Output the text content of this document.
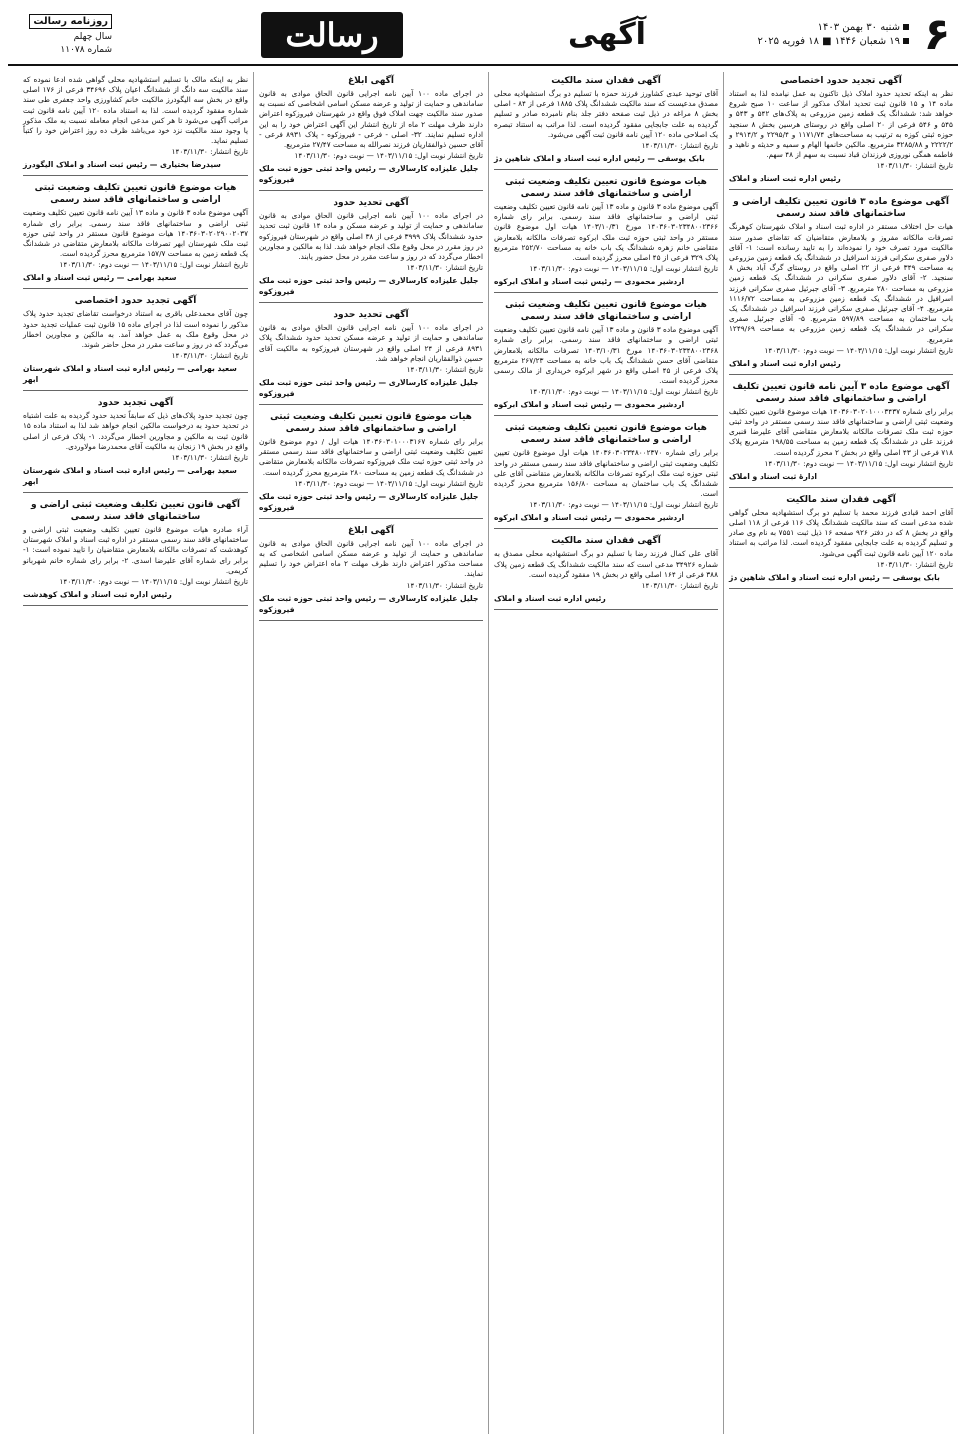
۶
شنبه ۳۰ بهمن ۱۴۰۳
۱۹ شعبان ۱۴۴۶ ■ ۱۸ فوریه ۲۰۲۵
آگهی
رسالت
روزنامه رسالت
سال چهلم
شماره ۱۱۰۷۸
آگهی تجدید حدود اختصاصی

نظر به اینکه تحدید حدود املاک ذیل تاکنون به عمل نیامده لذا به استناد ماده ۱۴ و ۱۵ قانون ثبت تحدید املاک مذکور از ساعت ۱۰ صبح شروع خواهد شد: ششدانگ یک قطعه زمین مزروعی به پلاک‌های ۵۴۲ و ۵۴۳ و ۵۴۵ و ۵۴۶ فرعی از ۲۰ اصلی واقع در روستای هرسین بخش ۸ سنجید حوزه ثبتی کوزه به ترتیب به مساحت‌های ۱۱۷۱/۷۴ و ۲۲۹۵/۴ و ۲۹۱۴/۲ و ۲۲۲۲/۲ و ۳۲۸۵/۸۸ مترمربع. مالکین خانمها الهام و سمیه و حدیثه و ناهید و فاطمه همگی نوروزی فرزندان قباد نسبت به سهم از ۴۸ سهم.

تاریخ انتشار: ۱۴۰۳/۱۱/۳۰
رئیس اداره ثبت اسناد و املاک
آگهی موضوع ماده ۳ قانون تعیین تکلیف اراضی و ساختمانهای فاقد سند رسمی

هیات حل اختلاف مستقر در اداره ثبت اسناد و املاک شهرستان کوهرنگ تصرفات مالکانه مفروز و بلامعارض متقاضیان که تقاضای صدور سند مالکیت مورد تصرف خود را نموده‌اند را به تایید رسانده است: ۱- آقای دلاور صفری سکرانی فرزند اسرافیل در ششدانگ یک قطعه زمین مزروعی به مساحت ۳۴۹ فرعی از ۲۲ اصلی واقع در روستای گرگ آباد بخش ۸ سنجید. ۲- آقای دلاور صفری سکرانی در ششدانگ یک قطعه زمین مزروعی به مساحت ۲۸۰ مترمربع. ۳- آقای جبرئیل صفری سکرانی فرزند اسرافیل در ششدانگ یک قطعه زمین مزروعی به مساحت ۱۱۱۶/۷۲ مترمربع. ۴- آقای جبرئیل صفری سکرانی فرزند اسرافیل در ششدانگ یک باب ساختمان به مساحت ۵۹۷/۸۹ مترمربع. ۵- آقای جبرئیل صفری سکرانی در ششدانگ یک قطعه زمین مزروعی به مساحت ۱۲۴۹/۶۹ مترمربع.

تاریخ انتشار نوبت اول: ۱۴۰۳/۱۱/۱۵ — نوبت دوم: ۱۴۰۳/۱۱/۳۰
رئیس اداره ثبت اسناد و املاک
آگهی موضوع ماده ۳ آیین نامه قانون تعیین تکلیف اراضی و ساختمانهای فاقد سند رسمی

برابر رای شماره ۱۴۰۳۶۰۳۰۲۰۱۰۰۰۳۴۳۷ هیات موضوع قانون تعیین تکلیف وضعیت ثبتی اراضی و ساختمانهای فاقد سند رسمی مستقر در واحد ثبتی حوزه ثبت ملک تصرفات مالکانه بلامعارض متقاضی آقای علیرضا قنبری فرزند علی در ششدانگ یک قطعه زمین به مساحت ۱۹۸/۵۵ مترمربع پلاک ۷۱۸ فرعی از ۴۳ اصلی واقع در بخش ۲ محرز گردیده است.

تاریخ انتشار نوبت اول: ۱۴۰۳/۱۱/۱۵ — نوبت دوم: ۱۴۰۳/۱۱/۳۰
ادارۀ ثبت اسناد و املاک
آگهی فقدان سند مالکیت

آقای احمد قبادی فرزند محمد با تسلیم دو برگ استشهادیه محلی گواهی شده مدعی است که سند مالکیت ششدانگ پلاک ۱۱۶ فرعی از ۱۱۸ اصلی واقع در بخش ۸ که در دفتر ۹۲۶ صفحه ۱۶ ذیل ثبت ۷۵۵۱ به نام وی صادر و تسلیم گردیده به علت جابجایی مفقود گردیده است. لذا مراتب به استناد ماده ۱۲۰ آیین نامه قانون ثبت آگهی می‌شود.

تاریخ انتشار: ۱۴۰۳/۱۱/۳۰
بابک یوسفی — رئیس اداره ثبت اسناد و املاک شاهین دژ
آگهی فقدان سند مالکیت

آقای توحید عبدی کشاورز فرزند حمزه با تسلیم دو برگ استشهادیه محلی مصدق مدعیست که سند مالکیت ششدانگ پلاک ۱۸۸۵ فرعی از ۸۴ - اصلی بخش ۸ مراغه در ذیل ثبت صفحه دفتر جلد بنام نامبرده صادر و تسلیم گردیده به علت جابجایی مفقود گردیده است. لذا مراتب به استناد تبصره یک اصلاحی ماده ۱۲۰ آیین نامه قانون ثبت آگهی می‌شود.

تاریخ انتشار: ۱۴۰۳/۱۱/۳۰
بابک یوسفی — رئیس اداره ثبت اسناد و املاک شاهین دژ
هیات موضوع قانون تعیین تکلیف وضعیت ثبتی اراضی و ساختمانهای فاقد سند رسمی

آگهی موضوع ماده ۳ قانون و ماده ۱۳ آیین نامه قانون تعیین تکلیف وضعیت ثبتی اراضی و ساختمانهای فاقد سند رسمی. برابر رای شماره ۱۴۰۳۶۰۳۰۲۳۴۸۰۰۲۳۶۶ مورخ ۱۴۰۳/۱۰/۳۱ هیات اول موضوع قانون مستقر در واحد ثبتی حوزه ثبت ملک ابرکوه تصرفات مالکانه بلامعارض متقاضی خانم زهره ششدانگ یک باب خانه به مساحت ۲۵۲/۷۰ مترمربع پلاک ۳۲۹ فرعی از ۴۵ اصلی محرز گردیده است.

تاریخ انتشار نوبت اول: ۱۴۰۳/۱۱/۱۵ — نوبت دوم: ۱۴۰۳/۱۱/۳۰
اردشیر محمودی — رئیس ثبت اسناد و املاک ابرکوه
هیات موضوع قانون تعیین تکلیف وضعیت ثبتی اراضی و ساختمانهای فاقد سند رسمی

آگهی موضوع ماده ۳ قانون و ماده ۱۳ آیین نامه قانون تعیین تکلیف وضعیت ثبتی اراضی و ساختمانهای فاقد سند رسمی. برابر رای شماره ۱۴۰۳۶۰۳۰۲۳۴۸۰۰۲۳۶۸ مورخ ۱۴۰۳/۱۰/۳۱ تصرفات مالکانه بلامعارض متقاضی آقای حسن ششدانگ یک باب خانه به مساحت ۲۶۷/۲۳ مترمربع پلاک فرعی از ۴۵ اصلی واقع در شهر ابرکوه خریداری از مالک رسمی محرز گردیده است.

تاریخ انتشار نوبت اول: ۱۴۰۳/۱۱/۱۵ — نوبت دوم: ۱۴۰۳/۱۱/۳۰
اردشیر محمودی — رئیس ثبت اسناد و املاک ابرکوه
هیات موضوع قانون تعیین تکلیف وضعیت ثبتی اراضی و ساختمانهای فاقد سند رسمی

برابر رای شماره ۱۴۰۳۶۰۳۰۲۳۴۸۰۰۲۳۷۰ هیات اول موضوع قانون تعیین تکلیف وضعیت ثبتی اراضی و ساختمانهای فاقد سند رسمی مستقر در واحد ثبتی حوزه ثبت ملک ابرکوه تصرفات مالکانه بلامعارض متقاضی آقای علی ششدانگ یک باب ساختمان به مساحت ۱۵۶/۸۰ مترمربع محرز گردیده است.

تاریخ انتشار نوبت اول: ۱۴۰۳/۱۱/۱۵ — نوبت دوم: ۱۴۰۳/۱۱/۳۰
اردشیر محمودی — رئیس ثبت اسناد و املاک ابرکوه
آگهی فقدان سند مالکیت

آقای علی کمال فرزند رضا با تسلیم دو برگ استشهادیه محلی مصدق به شماره ۳۴۹۲۶ مدعی است که سند مالکیت ششدانگ یک قطعه زمین پلاک ۳۸۸ فرعی از ۱۶۴ اصلی واقع در بخش ۱۹ مفقود گردیده است.

تاریخ انتشار: ۱۴۰۳/۱۱/۳۰
رئیس اداره ثبت اسناد و املاک
آگهی ابلاغ

در اجرای ماده ۱۰۰ آیین نامه اجرایی قانون الحاق موادی به قانون ساماندهی و حمایت از تولید و عرضه مسکن اسامی اشخاصی که نسبت به صدور سند مالکیت جهت املاک فوق واقع در شهرستان فیروزکوه اعتراض دارند ظرف مهلت ۲ ماه از تاریخ انتشار این آگهی اعتراض خود را به این اداره تسلیم نمایند. ۳۲- اصلی - فرعی - فیروزکوه - پلاک ۸۹۳۱ فرعی - آقای حسین ذوالفقاریان فرزند نصرالله به مساحت ۲۷/۴۷ مترمربع.

تاریخ انتشار نوبت اول: ۱۴۰۳/۱۱/۱۵ — نوبت دوم: ۱۴۰۳/۱۱/۳۰
جلیل علیزاده کارسالاری — رئیس واحد ثبتی حوزه ثبت ملک فیروزکوه
آگهی تحدید حدود

در اجرای ماده ۱۰۰ آیین نامه اجرایی قانون الحاق موادی به قانون ساماندهی و حمایت از تولید و عرضه مسکن و ماده ۱۴ قانون ثبت تحدید حدود ششدانگ پلاک ۳۹۹۹ فرعی از ۳۸ اصلی واقع در شهرستان فیروزکوه در روز مقرر در محل وقوع ملک انجام خواهد شد. لذا به مالکین و مجاورین اخطار می‌گردد که در روز و ساعت مقرر در محل حضور یابند.

تاریخ انتشار: ۱۴۰۳/۱۱/۳۰
جلیل علیزاده کارسالاری — رئیس واحد ثبتی حوزه ثبت ملک فیروزکوه
آگهی تحدید حدود

در اجرای ماده ۱۰۰ آیین نامه اجرایی قانون الحاق موادی به قانون ساماندهی و حمایت از تولید و عرضه مسکن تحدید حدود ششدانگ پلاک ۸۹۳۱ فرعی از ۲۴ اصلی واقع در شهرستان فیروزکوه به مالکیت آقای حسین ذوالفقاریان انجام خواهد شد.

تاریخ انتشار: ۱۴۰۳/۱۱/۳۰
جلیل علیزاده کارسالاری — رئیس واحد ثبتی حوزه ثبت ملک فیروزکوه
هیات موضوع قانون تعیین تکلیف وضعیت ثبتی اراضی و ساختمانهای فاقد سند رسمی

برابر رای شماره ۱۴۰۳۶۰۳۰۱۰۰۰۳۱۶۷ هیات اول / دوم موضوع قانون تعیین تکلیف وضعیت ثبتی اراضی و ساختمانهای فاقد سند رسمی مستقر در واحد ثبتی حوزه ثبت ملک فیروزکوه تصرفات مالکانه بلامعارض متقاضی در ششدانگ یک قطعه زمین به مساحت ۲۸۰ مترمربع محرز گردیده است.

تاریخ انتشار نوبت اول: ۱۴۰۳/۱۱/۱۵ — نوبت دوم: ۱۴۰۳/۱۱/۳۰
جلیل علیزاده کارسالاری — رئیس واحد ثبتی حوزه ثبت ملک فیروزکوه
آگهی ابلاغ

در اجرای ماده ۱۰۰ آیین نامه اجرایی قانون الحاق موادی به قانون ساماندهی و حمایت از تولید و عرضه مسکن اسامی اشخاصی که به مساحت مذکور اعتراض دارند ظرف مهلت ۲ ماه اعتراض خود را تسلیم نمایند.

تاریخ انتشار: ۱۴۰۳/۱۱/۳۰
جلیل علیزاده کارسالاری — رئیس واحد ثبتی حوزه ثبت ملک فیروزکوه

نظر به اینکه مالک با تسلیم استشهادیه محلی گواهی شده ادعا نموده که سند مالکیت سه دانگ از ششدانگ اعیان پلاک ۳۴۶۹۶ فرعی از ۱۷۶ اصلی واقع در بخش سه الیگودرز مالکیت خانم کشاورزی واحد جعفری طی سند شماره مفقود گردیده است. لذا به استناد ماده ۱۲۰ آیین نامه قانون ثبت مراتب آگهی می‌شود تا هر کس مدعی انجام معامله نسبت به ملک مذکور یا وجود سند مالکیت نزد خود می‌باشد ظرف ده روز اعتراض خود را کتباً تسلیم نماید.

تاریخ انتشار: ۱۴۰۳/۱۱/۳۰
سیدرضا بختیاری — رئیس ثبت اسناد و املاک الیگودرز
هیات موضوع قانون تعیین تکلیف وضعیت ثبتی اراضی و ساختمانهای فاقد سند رسمی

آگهی موضوع ماده ۳ قانون و ماده ۱۳ آیین نامه قانون تعیین تکلیف وضعیت ثبتی اراضی و ساختمانهای فاقد سند رسمی. برابر رای شماره ۱۴۰۳۶۰۳۰۲۰۲۹۰۰۲۰۳۷ هیات موضوع قانون مستقر در واحد ثبتی حوزه ثبت ملک شهرستان ابهر تصرفات مالکانه بلامعارض متقاضی در ششدانگ یک قطعه زمین به مساحت ۱۵۷/۷ مترمربع محرز گردیده است.

تاریخ انتشار نوبت اول: ۱۴۰۳/۱۱/۱۵ — نوبت دوم: ۱۴۰۳/۱۱/۳۰
سعید بهرامی — رئیس ثبت اسناد و املاک
آگهی تجدید حدود اختصاصی

چون آقای محمدعلی باقری به استناد درخواست تقاضای تجدید حدود پلاک مذکور را نموده است لذا در اجرای ماده ۱۵ قانون ثبت عملیات تجدید حدود در محل وقوع ملک به عمل خواهد آمد. به مالکین و مجاورین اخطار می‌گردد که در روز و ساعت مقرر در محل حاضر شوند.

تاریخ انتشار: ۱۴۰۳/۱۱/۳۰
سعید بهرامی — رئیس اداره ثبت اسناد و املاک شهرستان ابهر
آگهی تجدید حدود

چون تجدید حدود پلاک‌های ذیل که سابقاً تحدید حدود گردیده به علت اشتباه در تحدید حدود به درخواست مالکین انجام خواهد شد لذا به استناد ماده ۱۵ قانون ثبت به مالکین و مجاورین اخطار می‌گردد. ۱- پلاک فرعی از اصلی واقع در بخش ۱۹ زنجان به مالکیت آقای محمدرضا مولاوردی.

تاریخ انتشار: ۱۴۰۳/۱۱/۳۰
سعید بهرامی — رئیس اداره ثبت اسناد و املاک شهرستان ابهر
آگهی قانون تعیین تکلیف وضعیت ثبتی اراضی و ساختمانهای فاقد سند رسمی

آراء صادره هیات موضوع قانون تعیین تکلیف وضعیت ثبتی اراضی و ساختمانهای فاقد سند رسمی مستقر در اداره ثبت اسناد و املاک شهرستان کوهدشت که تصرفات مالکانه بلامعارض متقاضیان را تایید نموده است: ۱- برابر رای شماره آقای علیرضا اسدی. ۲- برابر رای شماره خانم شهربانو کریمی.

تاریخ انتشار نوبت اول: ۱۴۰۳/۱۱/۱۵ — نوبت دوم: ۱۴۰۳/۱۱/۳۰
رئیس اداره ثبت اسناد و املاک کوهدشت
